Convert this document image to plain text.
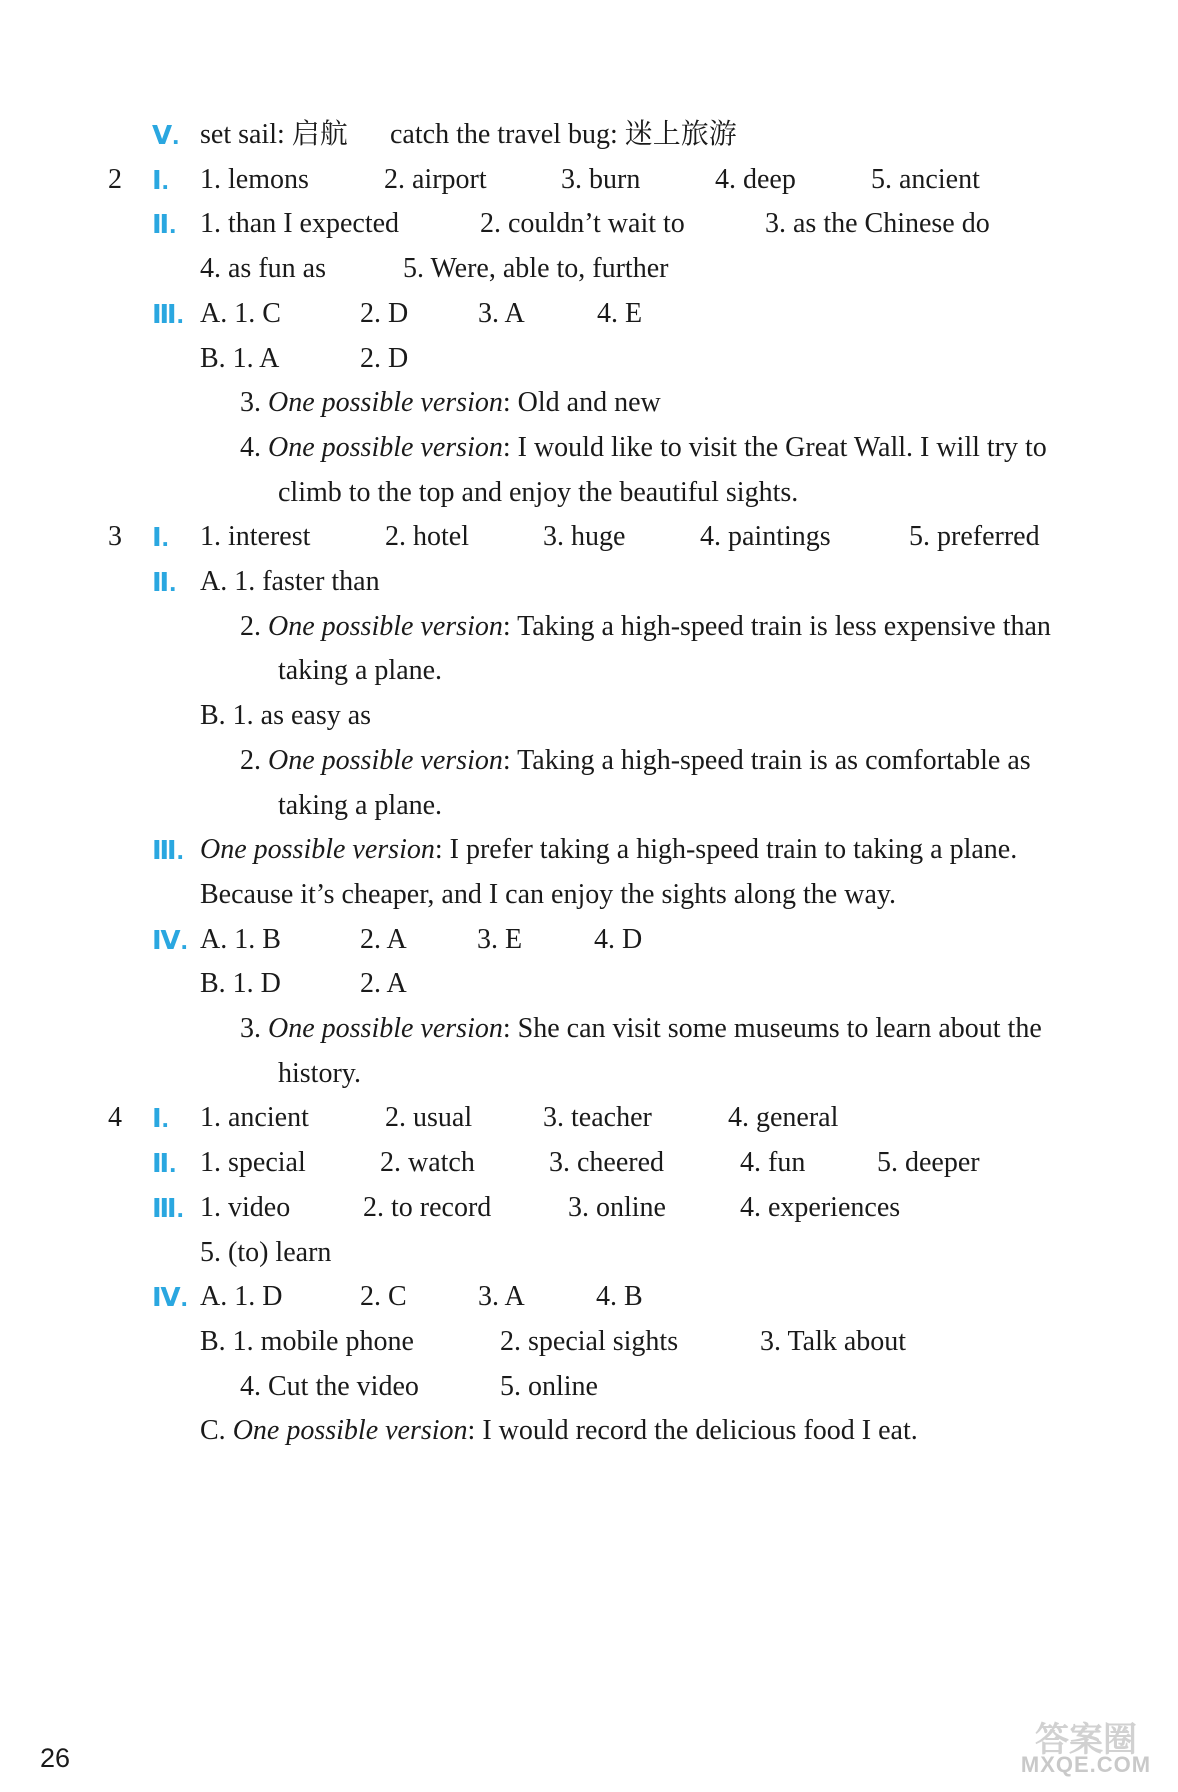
Ⅴ. set sail: 启航 catch the travel bug: 迷上旅游
2 Ⅰ. 1. lemons	2. airport	3. burn	4. deep	5. ancient
Ⅱ. 1. than I expected	2. couldn’t wait to	3. as the Chinese do
4. as fun as	5. Were, able to, further
Ⅲ. A. 1. C	2. D 3. A	4. E
B. 1. A	2. D
3. One possible version: Old and new
4. One possible version: I would like to visit the Great Wall. I will try to
climb to the top and enjoy the beautiful sights.
3 Ⅰ. 1. interest	2. hotel	3. huge	4. paintings	5. preferred
Ⅱ. A. 1. faster than
2. One possible version: Taking a high-speed train is less expensive than
taking a plane.
B. 1. as easy as
2. One possible version: Taking a high-speed train is as comfortable as
taking a plane.
Ⅲ. One possible version: I prefer taking a high-speed train to taking a plane.
Because it’s cheaper, and I can enjoy the sights along the way.
Ⅳ. A. 1. B	2. A	3. E	4. D
B. 1. D	2. A
3. One possible version: She can visit some museums to learn about the
history.
4 Ⅰ. 1. ancient	2. usual	3. teacher	4. general
Ⅱ. 1. special	2. watch	3. cheered	4. fun	5. deeper
Ⅲ. 1. video	2. to record	3. online	4. experiences
5. (to) learn
Ⅳ. A. 1. D	2. C	3. A	4. B
B. 1. mobile phone	2. special sights	3. Talk about
4. Cut the video	5. online
C. One possible version: I would record the delicious food I eat.
26	答案圈
MXQE.COM
